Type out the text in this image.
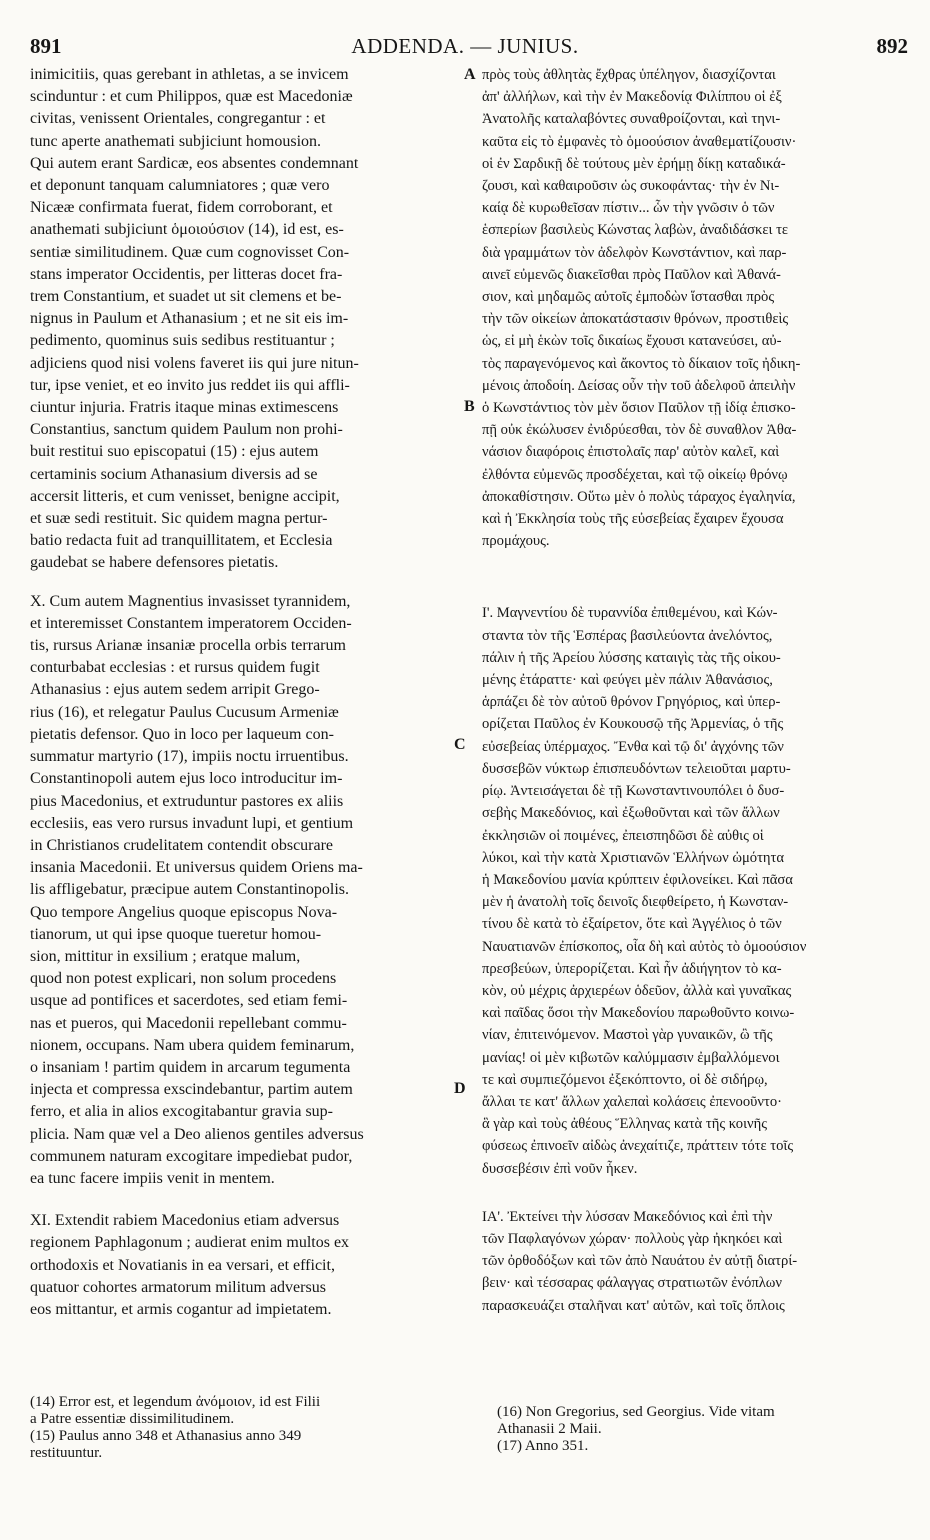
891	ADDENDA. — JUNIUS.	892
inimicitiis, quas gerebant in athletas, a se invicem
scinduntur : et cum Philippos, quæ est Macedoniæ
civitas, venissent Orientales, congregantur : et
tunc aperte anathemati subjiciunt homousion.
Qui autem erant Sardicæ, eos absentes condemnant
et deponunt tanquam calumniatores ; quæ vero
Nicææ confirmata fuerat, fidem corroborant, et
anathemati subjiciunt ὁμοιούσιον (14), id est, es-
sentiæ similitudinem. Quæ cum cognovisset Con-
stans imperator Occidentis, per litteras docet fra-
trem Constantium, et suadet ut sit clemens et be-
nignus in Paulum et Athanasium ; et ne sit eis im-
pedimento, quominus suis sedibus restituantur ;
adjiciens quod nisi volens faveret iis qui jure nitun-
tur, ipse veniet, et eo invito jus reddet iis qui affli-
ciuntur injuria. Fratris itaque minas extimescens
Constantius, sanctum quidem Paulum non prohi-
buit restitui suo episcopatui (15) : ejus autem
certaminis socium Athanasium diversis ad se
accersit litteris, et cum venisset, benigne accipit,
et suæ sedi restituit. Sic quidem magna pertur-
batio redacta fuit ad tranquillitatem, et Ecclesia
gaudebat se habere defensores pietatis.
X. Cum autem Magnentius invasisset tyrannidem,
et interemisset Constantem imperatorem Occiden-
tis, rursus Arianæ insaniæ procella orbis terrarum
conturbabat ecclesias : et rursus quidem fugit
Athanasius : ejus autem sedem arripit Grego-
rius (16), et relegatur Paulus Cucusum Armeniæ
pietatis defensor. Quo in loco per laqueum con-
summatur martyrio (17), impiis noctu irruentibus.
Constantinopoli autem ejus loco introducitur im-
pius Macedonius, et extruduntur pastores ex aliis
ecclesiis, eas vero rursus invadunt lupi, et gentium
in Christianos crudelitatem contendit obscurare
insania Macedonii. Et universus quidem Oriens ma-
lis affligebatur, præcipue autem Constantinopolis.
Quo tempore Angelius quoque episcopus Nova-
tianorum, ut qui ipse quoque tueretur homou-
sion, mittitur in exsilium ; eratque malum,
quod non potest explicari, non solum procedens
usque ad pontifices et sacerdotes, sed etiam femi-
nas et pueros, qui Macedonii repellebant commu-
nionem, occupans. Nam ubera quidem feminarum,
o insaniam ! partim quidem in arcarum tegumenta
injecta et compressa exscindebantur, partim autem
ferro, et alia in alios excogitabantur gravia sup-
plicia. Nam quæ vel a Deo alienos gentiles adversus
communem naturam excogitare impediebat pudor,
ea tunc facere impiis venit in mentem.
XI. Extendit rabiem Macedonius etiam adversus
regionem Paphlagonum ; audierat enim multos ex
orthodoxis et Novatianis in ea versari, et efficit,
quatuor cohortes armatorum militum adversus
eos mittantur, et armis cogantur ad impietatem.
πρὸς τοὺς ἀθλητὰς ἔχθρας ὑπέληγον, διασχίζονται
ἀπ' ἀλλήλων, καὶ τὴν ἐν Μακεδονίᾳ Φιλίππου οἱ ἐξ
Ἀνατολῆς καταλαβόντες συναθροίζονται, καὶ τηνι-
καῦτα εἰς τὸ ἐμφανὲς τὸ ὁμοούσιον ἀναθεματίζουσιν·
οἱ ἐν Σαρδικῇ δὲ τούτους μὲν ἐρήμῃ δίκῃ καταδικά-
ζουσι, καὶ καθαιροῦσιν ὡς συκοφάντας· τὴν ἐν Νι-
καίᾳ δὲ κυρωθεῖσαν πίστιν... ὧν τὴν γνῶσιν ὁ τῶν
ἑσπερίων βασιλεὺς Κώνστας λαβὼν, ἀναδιδάσκει τε
διὰ γραμμάτων τὸν ἀδελφὸν Κωνστάντιον, καὶ παρ-
αινεῖ εὐμενῶς διακεῖσθαι πρὸς Παῦλον καὶ Ἀθανά-
σιον, καὶ μηδαμῶς αὐτοῖς ἐμποδὼν ἵστασθαι πρὸς
τὴν τῶν οἰκείων ἀποκατάστασιν θρόνων, προστιθεὶς
ὡς, εἰ μὴ ἑκὼν τοῖς δικαίως ἔχουσι κατανεύσει, αὐ-
τὸς παραγενόμενος καὶ ἄκοντος τὸ δίκαιον τοῖς ἠδικη-
μένοις ἀποδοίη. Δείσας οὖν τὴν τοῦ ἀδελφοῦ ἀπειλὴν
ὁ Κωνστάντιος τὸν μὲν ὅσιον Παῦλον τῇ ἰδίᾳ ἐπισκο-
πῇ οὐκ ἐκώλυσεν ἐνιδρύεσθαι, τὸν δὲ συναθλον Ἀθα-
νάσιον διαφόροις ἐπιστολαῖς παρ' αὐτὸν καλεῖ, καὶ
ἐλθόντα εὐμενῶς προσδέχεται, καὶ τῷ οἰκείῳ θρόνῳ
ἀποκαθίστησιν. Οὕτω μὲν ὁ πολὺς τάραχος ἐγαληνία,
καὶ ἡ Ἐκκλησία τοὺς τῆς εὐσεβείας ἔχαιρεν ἔχουσα
προμάχους.
Ι'. Μαγνεντίου δὲ τυραννίδα ἐπιθεμένου, καὶ Κών-
σταντα τὸν τῆς Ἑσπέρας βασιλεύοντα ἀνελόντος,
πάλιν ἡ τῆς Ἀρείου λύσσης καταιγὶς τὰς τῆς οἰκου-
μένης ἐτάραττε· καὶ φεύγει μὲν πάλιν Ἀθανάσιος,
ἁρπάζει δὲ τὸν αὐτοῦ θρόνον Γρηγόριος, καὶ ὑπερ-
ορίζεται Παῦλος ἐν Κουκουσῷ τῆς Ἀρμενίας, ὁ τῆς
εὐσεβείας ὑπέρμαχος. Ἔνθα καὶ τῷ δι' ἀγχόνης τῶν
δυσσεβῶν νύκτωρ ἐπισπευδόντων τελειοῦται μαρτυ-
ρίῳ. Ἀντεισάγεται δὲ τῇ Κωνσταντινουπόλει ὁ δυσ-
σεβὴς Μακεδόνιος, καὶ ἐξωθοῦνται καὶ τῶν ἄλλων
ἐκκλησιῶν οἱ ποιμένες, ἐπεισπηδῶσι δὲ αὐθις οἱ
λύκοι, καὶ τὴν κατὰ Χριστιανῶν Ἑλλήνων ὠμότητα
ἡ Μακεδονίου μανία κρύπτειν ἐφιλονείκει. Καὶ πᾶσα
μὲν ἡ ἀνατολὴ τοῖς δεινοῖς διεφθείρετο, ἡ Κωνσταν-
τίνου δὲ κατὰ τὸ ἐξαίρετον, ὅτε καὶ Ἀγγέλιος ὁ τῶν
Ναυατιανῶν ἐπίσκοπος, οἷα δὴ καὶ αὐτὸς τὸ ὁμοούσιον
πρεσβεύων, ὑπερορίζεται. Καὶ ἦν ἀδιήγητον τὸ κα-
κὸν, οὐ μέχρις ἀρχιερέων ὁδεῦον, ἀλλὰ καὶ γυναῖκας
καὶ παῖδας ὅσοι τὴν Μακεδονίου παρωθοῦντο κοινω-
νίαν, ἐπιτεινόμενον. Μαστοὶ γὰρ γυναικῶν, ὢ τῆς
μανίας! οἱ μὲν κιβωτῶν καλύμμασιν ἐμβαλλόμενοι
τε καὶ συμπιεζόμενοι ἐξεκόπτοντο, οἱ δὲ σιδήρῳ,
ἄλλαι τε κατ' ἄλλων χαλεπαὶ κολάσεις ἐπενοοῦντο·
ἃ γὰρ καὶ τοὺς ἀθέους Ἕλληνας κατὰ τῆς κοινῆς
φύσεως ἐπινοεῖν αἰδὼς ἀνεχαίτιζε, πράττειν τότε τοῖς
δυσσεβέσιν ἐπὶ νοῦν ἧκεν.
ΙΑ'. Ἐκτείνει τὴν λύσσαν Μακεδόνιος καὶ ἐπὶ τὴν
τῶν Παφλαγόνων χώραν· πολλοὺς γὰρ ἠκηκόει καὶ
τῶν ὀρθοδόξων καὶ τῶν ἀπὸ Ναυάτου ἐν αὐτῇ διατρί-
βειν· καὶ τέσσαρας φάλαγγας στρατιωτῶν ἐνόπλων
παρασκευάζει σταλῆναι κατ' αὐτῶν, καὶ τοῖς ὅπλοις
A
B
C
D
(14) Error est, et legendum ἀνόμοιον, id est Filii
a Patre essentiæ dissimilitudinem.
(15) Paulus anno 348 et Athanasius anno 349
restituuntur.
(16) Non Gregorius, sed Georgius. Vide vitam
Athanasii 2 Maii.
(17) Anno 351.
